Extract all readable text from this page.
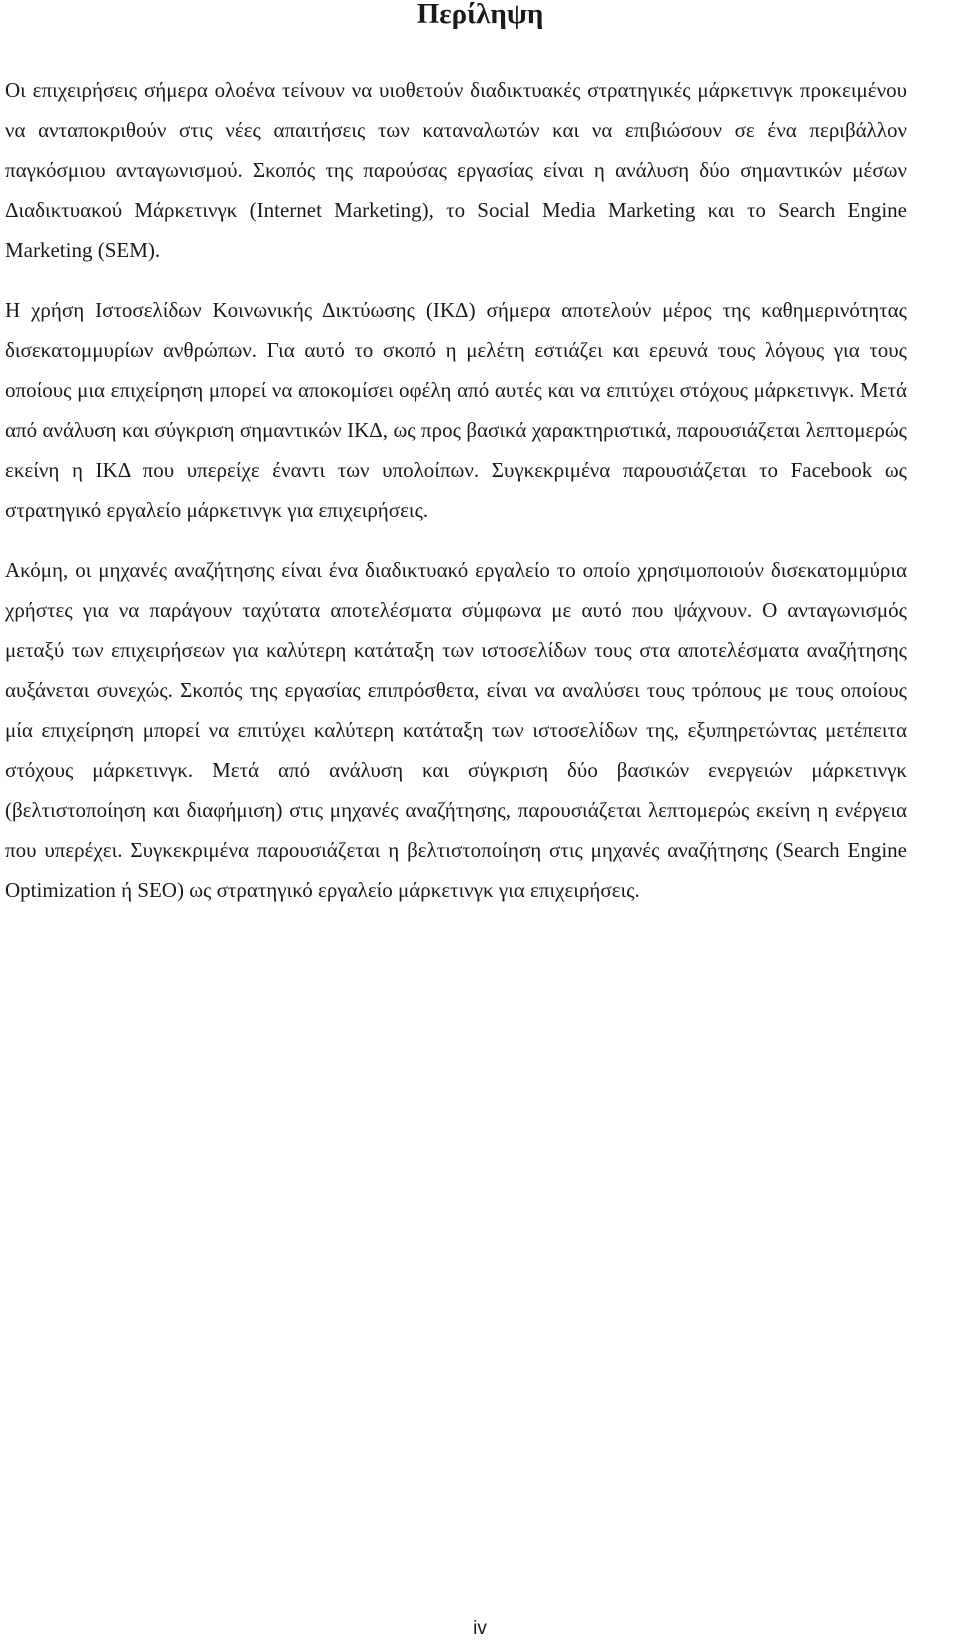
Περίληψη

Οι επιχειρήσεις σήμερα ολοένα τείνουν να υιοθετούν διαδικτυακές στρατηγικές μάρκετινγκ προκειμένου να ανταποκριθούν στις νέες απαιτήσεις των καταναλωτών και να επιβιώσουν σε ένα περιβάλλον παγκόσμιου ανταγωνισμού. Σκοπός της παρούσας εργασίας είναι η ανάλυση δύο σημαντικών μέσων Διαδικτυακού Μάρκετινγκ (Internet Marketing), το Social Media Marketing και το Search Engine Marketing (SEM).

Η χρήση Ιστοσελίδων Κοινωνικής Δικτύωσης (ΙΚΔ) σήμερα αποτελούν μέρος της καθημερινότητας δισεκατομμυρίων ανθρώπων. Για αυτό το σκοπό η μελέτη εστιάζει και ερευνά τους λόγους για τους οποίους μια επιχείρηση μπορεί να αποκομίσει οφέλη από αυτές και να επιτύχει στόχους μάρκετινγκ. Μετά από ανάλυση και σύγκριση σημαντικών ΙΚΔ, ως προς βασικά χαρακτηριστικά, παρουσιάζεται λεπτομερώς εκείνη η ΙΚΔ που υπερείχε έναντι των υπολοίπων. Συγκεκριμένα παρουσιάζεται το Facebook ως στρατηγικό εργαλείο μάρκετινγκ για επιχειρήσεις.

Ακόμη, οι μηχανές αναζήτησης είναι ένα διαδικτυακό εργαλείο το οποίο χρησιμοποιούν δισεκατομμύρια χρήστες για να παράγουν ταχύτατα αποτελέσματα σύμφωνα με αυτό που ψάχνουν. Ο ανταγωνισμός μεταξύ των επιχειρήσεων για καλύτερη κατάταξη των ιστοσελίδων τους στα αποτελέσματα αναζήτησης αυξάνεται συνεχώς. Σκοπός της εργασίας επιπρόσθετα, είναι να αναλύσει τους τρόπους με τους οποίους μία επιχείρηση μπορεί να επιτύχει καλύτερη κατάταξη των ιστοσελίδων της, εξυπηρετώντας μετέπειτα στόχους μάρκετινγκ. Μετά από ανάλυση και σύγκριση δύο βασικών ενεργειών μάρκετινγκ (βελτιστοποίηση και διαφήμιση) στις μηχανές αναζήτησης, παρουσιάζεται λεπτομερώς εκείνη η ενέργεια που υπερέχει. Συγκεκριμένα παρουσιάζεται η βελτιστοποίηση στις μηχανές αναζήτησης (Search Engine Optimization ή SEO) ως στρατηγικό εργαλείο μάρκετινγκ για επιχειρήσεις.

iv
